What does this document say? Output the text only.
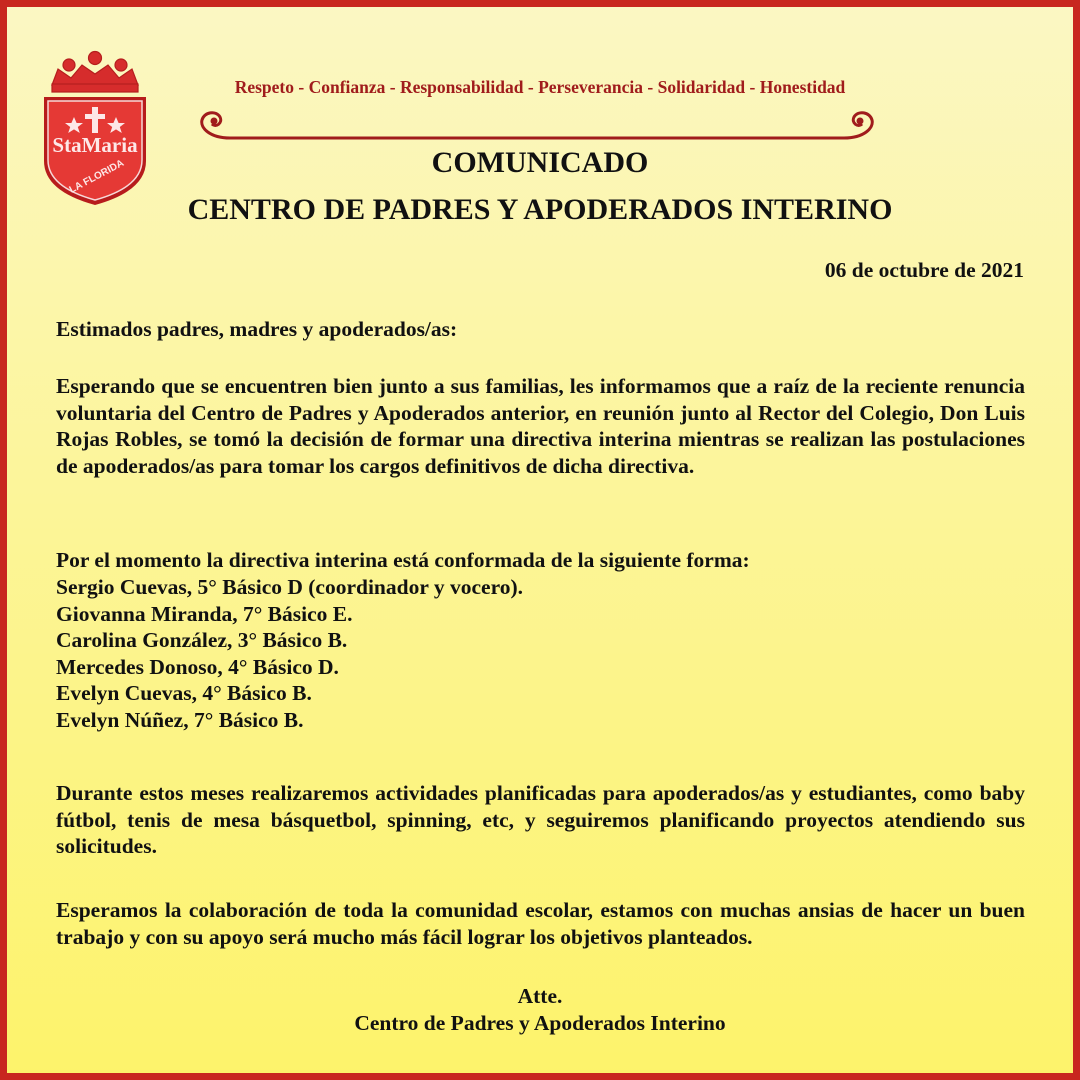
StaMaria
LA FLORIDA
Respeto - Confianza - Responsabilidad - Perseverancia - Solidaridad - Honestidad
COMUNICADO
CENTRO DE PADRES Y APODERADOS INTERINO
06 de octubre de 2021

Estimados padres, madres y apoderados/as:

Esperando que se encuentren bien junto a sus familias, les informamos que a raíz de la reciente renuncia voluntaria del Centro de Padres y Apoderados anterior, en reunión junto al Rector del Colegio, Don Luis Rojas Robles, se tomó la decisión de formar una directiva interina mientras se realizan las postulaciones de apoderados/as para tomar los cargos definitivos de dicha directiva.

Por el momento la directiva interina está conformada de la siguiente forma:

Sergio Cuevas, 5° Básico D (coordinador y vocero).
Giovanna Miranda, 7° Básico E.
Carolina González, 3° Básico B.
Mercedes Donoso, 4° Básico D.
Evelyn Cuevas, 4° Básico B.
Evelyn Núñez, 7° Básico B.

Durante estos meses realizaremos actividades planificadas para apoderados/as y estudiantes, como baby fútbol, tenis de mesa básquetbol, spinning, etc, y seguiremos planificando proyectos atendiendo sus solicitudes.

Esperamos la colaboración de toda la comunidad escolar, estamos con muchas ansias de hacer un buen trabajo y con su apoyo será mucho más fácil lograr los objetivos planteados.

Atte.
Centro de Padres y Apoderados Interino
